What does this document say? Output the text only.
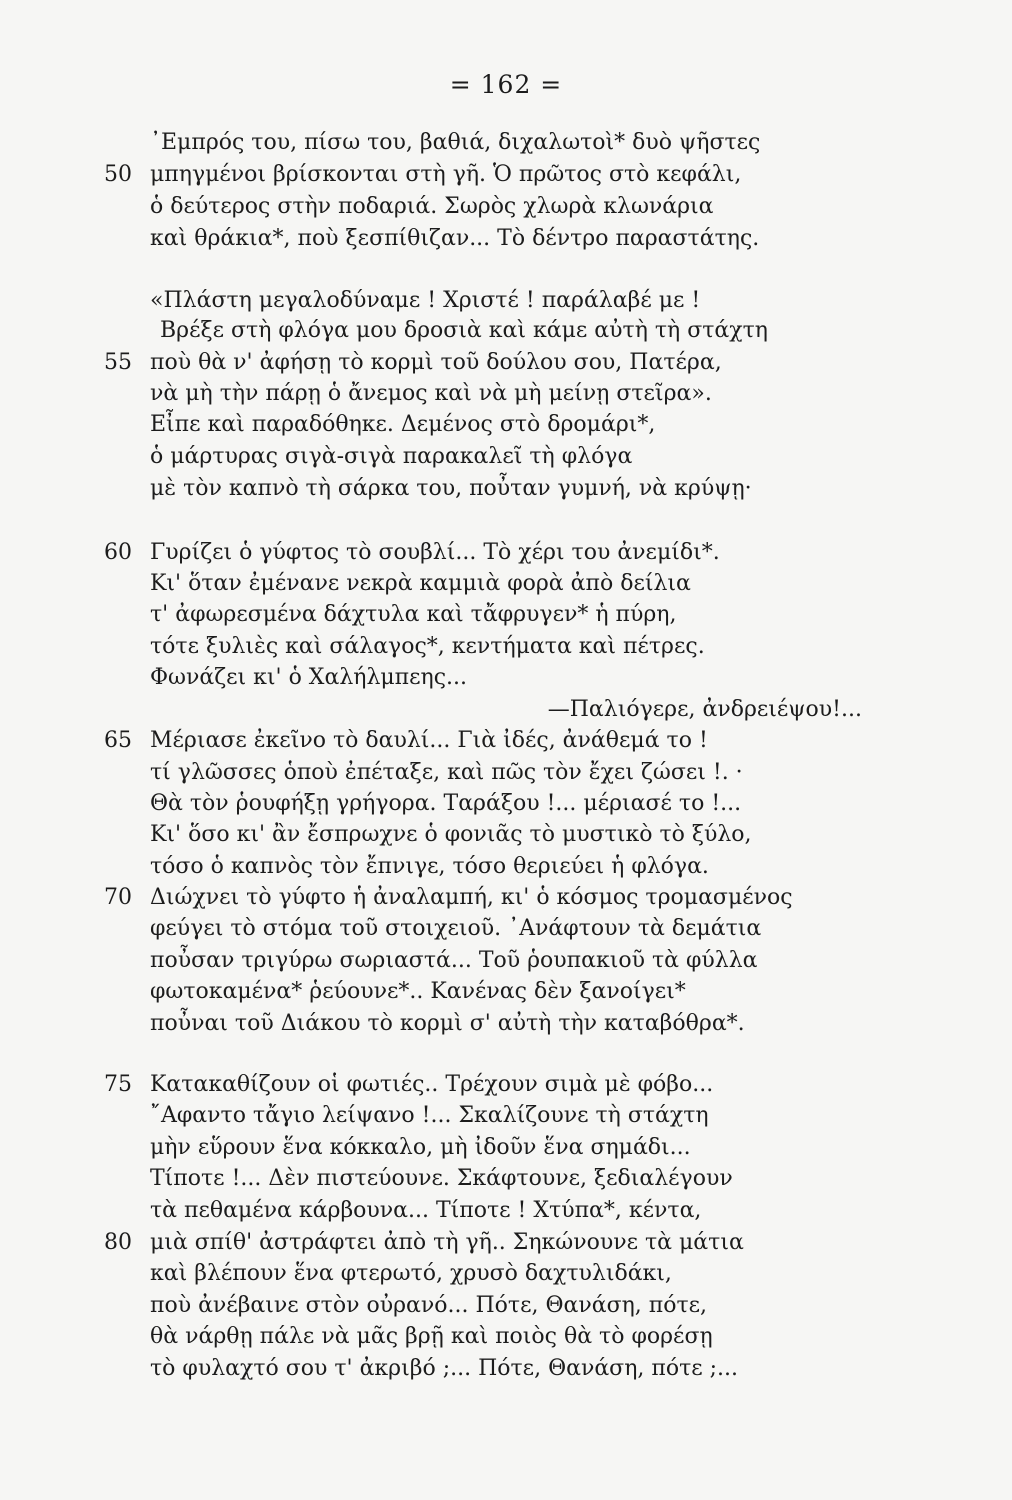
= 162 =
᾿Εμπρός του, πίσω του, βαθιά, διχαλωτοὶ* δυὸ ψῆστες
50 μπηγμένοι βρίσκονται στὴ γῆ. Ὁ πρῶτος στὸ κεφάλι,
ὁ δεύτερος στὴν ποδαριά. Σωρὸς χλωρὰ κλωνάρια
καὶ θράκια*, ποὺ ξεσπίθιζαν... Τὸ δέντρο παραστάτης.
«Πλάστη μεγαλοδύναμε ! Χριστέ ! παράλαβέ με !
Βρέξε στὴ φλόγα μου δροσιὰ καὶ κάμε αὐτὴ τὴ στάχτη
55 ποὺ θὰ ν' ἀφήσῃ τὸ κορμὶ τοῦ δούλου σου, Πατέρα,
νὰ μὴ τὴν πάρῃ ὁ ἄνεμος καὶ νὰ μὴ μείνῃ στεῖρα».
Εἶπε καὶ παραδόθηκε. Δεμένος στὸ δρομάρι*,
ὁ μάρτυρας σιγὰ-σιγὰ παρακαλεῖ τὴ φλόγα
μὲ τὸν καπνὸ τὴ σάρκα του, ποὖταν γυμνή, νὰ κρύψῃ·
60 Γυρίζει ὁ γύφτος τὸ σουβλί... Τὸ χέρι του ἀνεμίδι*.
Κι' ὅταν ἐμένανε νεκρὰ καμμιὰ φορὰ ἀπὸ δείλια
τ' ἀφωρεσμένα δάχτυλα καὶ τἄφρυγεν* ἡ πύρη,
τότε ξυλιὲς καὶ σάλαγος*, κεντήματα καὶ πέτρες.
Φωνάζει κι' ὁ Χαλήλμπεης...
—Παλιόγερε, ἀνδρειέψου!...
65 Μέριασε ἐκεῖνο τὸ δαυλί... Γιὰ ἰδές, ἀνάθεμά το !
τί γλῶσσες ὁποὺ ἐπέταξε, καὶ πῶς τὸν ἔχει ζώσει !. ·
Θὰ τὸν ῥουφήξῃ γρήγορα. Ταράξου !... μέριασέ το !...
Κι' ὅσο κι' ἂν ἔσπρωχνε ὁ φονιᾶς τὸ μυστικὸ τὸ ξύλο,
τόσο ὁ καπνὸς τὸν ἔπνιγε, τόσο θεριεύει ἡ φλόγα.
70 Διώχνει τὸ γύφτο ἡ ἀναλαμπή, κι' ὁ κόσμος τρομασμένος
φεύγει τὸ στόμα τοῦ στοιχειοῦ. ᾿Ανάφτουν τὰ δεμάτια
ποὖσαν τριγύρω σωριαστά... Τοῦ ῥουπακιοῦ τὰ φύλλα
φωτοκαμένα* ῥεύουνε*.. Κανένας δὲν ξανοίγει*
ποὖναι τοῦ Διάκου τὸ κορμὶ σ' αὐτὴ τὴν καταβόθρα*.
75 Κατακαθίζουν οἱ φωτιές.. Τρέχουν σιμὰ μὲ φόβο...
῎Αφαντο τἄγιο λείψανο !... Σκαλίζουνε τὴ στάχτη
μὴν εὕρουν ἕνα κόκκαλο, μὴ ἰδοῦν ἕνα σημάδι...
Τίποτε !... Δὲν πιστεύουνε. Σκάφτουνε, ξεδιαλέγουν
τὰ πεθαμένα κάρβουνα... Τίποτε ! Χτύπα*, κέντα,
80 μιὰ σπίθ' ἀστράφτει ἀπὸ τὴ γῆ.. Σηκώνουνε τὰ μάτια
καὶ βλέπουν ἕνα φτερωτό, χρυσὸ δαχτυλιδάκι,
ποὺ ἀνέβαινε στὸν οὐρανό... Πότε, Θανάση, πότε,
θὰ νάρθῃ πάλε νὰ μᾶς βρῇ καὶ ποιὸς θὰ τὸ φορέσῃ
τὸ φυλαχτό σου τ' ἀκριβό ;... Πότε, Θανάση, πότε ;...
